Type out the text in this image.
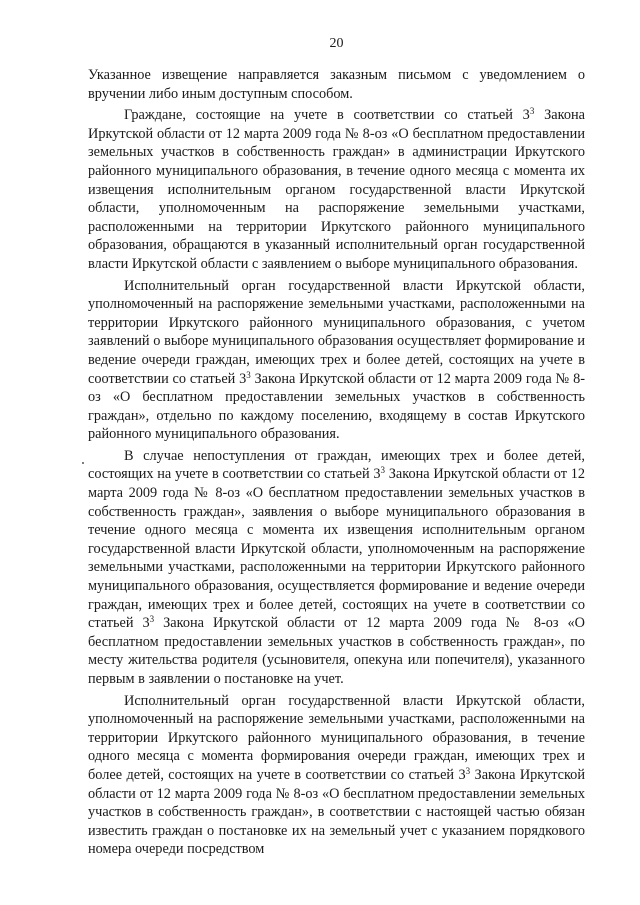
20

Указанное извещение направляется заказным письмом с уведомлением о вручении либо иным доступным способом.

Граждане, состоящие на учете в соответствии со статьей $3^3$ Закона Иркутской области от 12 марта 2009 года № 8-оз «О бесплатном предоставлении земельных участков в собственность граждан» в администрации Иркутского районного муниципального образования, в течение одного месяца с момента их извещения исполнительным органом государственной власти Иркутской области, уполномоченным на распоряжение земельными участками, расположенными на территории Иркутского районного муниципального образования, обращаются в указанный исполнительный орган государственной власти Иркутской области с заявлением о выборе муниципального образования.

Исполнительный орган государственной власти Иркутской области, уполномоченный на распоряжение земельными участками, расположенными на территории Иркутского районного муниципального образования, с учетом заявлений о выборе муниципального образования осуществляет формирование и ведение очереди граждан, имеющих трех и более детей, состоящих на учете в соответствии со статьей $3^3$ Закона Иркутской области от 12 марта 2009 года № 8-оз «О бесплатном предоставлении земельных участков в собственность граждан», отдельно по каждому поселению, входящему в состав Иркутского районного муниципального образования.

В случае непоступления от граждан, имеющих трех и более детей, состоящих на учете в соответствии со статьей $3^3$ Закона Иркутской области от 12 марта 2009 года № 8-оз «О бесплатном предоставлении земельных участков в собственность граждан», заявления о выборе муниципального образования в течение одного месяца с момента их извещения исполнительным органом государственной власти Иркутской области, уполномоченным на распоряжение земельными участками, расположенными на территории Иркутского районного муниципального образования, осуществляется формирование и ведение очереди граждан, имеющих трех и более детей, состоящих на учете в соответствии со статьей $3^3$ Закона Иркутской области от 12 марта 2009 года № 8-оз «О бесплатном предоставлении земельных участков в собственность граждан», по месту жительства родителя (усыновителя, опекуна или попечителя), указанного первым в заявлении о постановке на учет.

Исполнительный орган государственной власти Иркутской области, уполномоченный на распоряжение земельными участками, расположенными на территории Иркутского районного муниципального образования, в течение одного месяца с момента формирования очереди граждан, имеющих трех и более детей, состоящих на учете в соответствии со статьей $3^3$ Закона Иркутской области от 12 марта 2009 года № 8-оз «О бесплатном предоставлении земельных участков в собственность граждан», в соответствии с настоящей частью обязан известить граждан о постановке их на земельный учет с указанием порядкового номера очереди посредством
